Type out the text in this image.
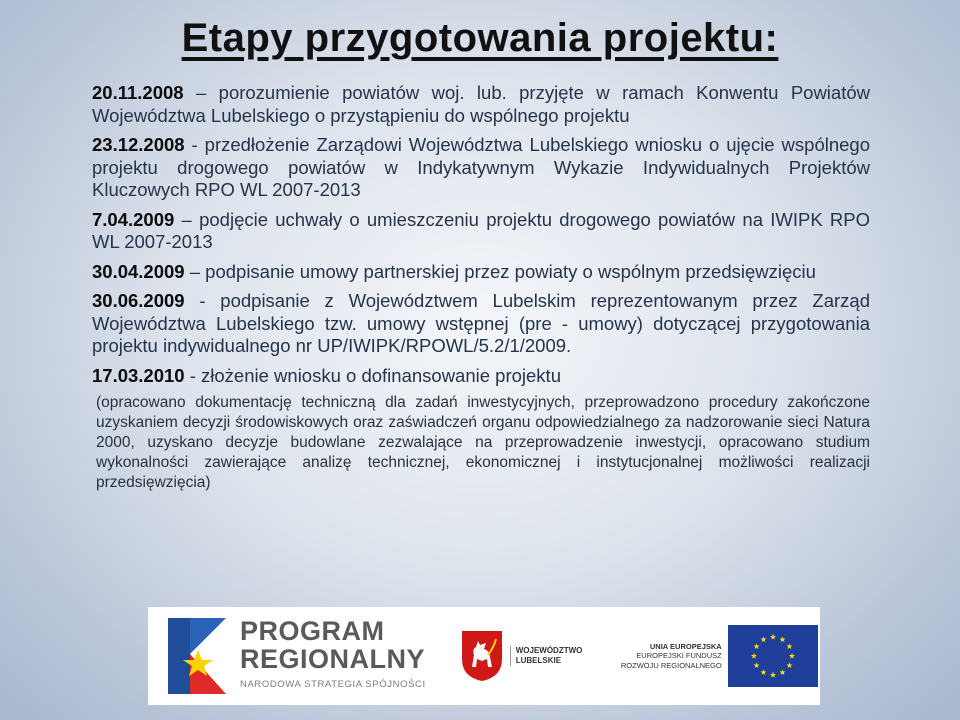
Etapy przygotowania projektu:

20.11.2008 – porozumienie powiatów woj. lub. przyjęte w ramach Konwentu Powiatów Województwa Lubelskiego o przystąpieniu do wspólnego projektu

23.12.2008 - przedłożenie Zarządowi Województwa Lubelskiego wniosku o ujęcie wspólnego projektu drogowego powiatów w Indykatywnym Wykazie Indywidualnych Projektów Kluczowych RPO WL 2007-2013

7.04.2009 – podjęcie uchwały o umieszczeniu projektu drogowego powiatów na IWIPK RPO WL 2007-2013

30.04.2009 – podpisanie umowy partnerskiej przez powiaty o wspólnym przedsięwzięciu

30.06.2009 - podpisanie z Województwem Lubelskim reprezentowanym przez Zarząd Województwa Lubelskiego tzw. umowy wstępnej (pre - umowy) dotyczącej przygotowania projektu indywidualnego nr UP/IWIPK/RPOWL/5.2/1/2009.

17.03.2010 - złożenie wniosku o dofinansowanie projektu

(opracowano dokumentację techniczną dla zadań inwestycyjnych, przeprowadzono procedury zakończone uzyskaniem decyzji środowiskowych oraz zaświadczeń organu odpowiedzialnego za nadzorowanie sieci Natura 2000, uzyskano decyzje budowlane zezwalające na przeprowadzenie inwestycji, opracowano studium wykonalności zawierające analizę technicznej, ekonomicznej i instytucjonalnej możliwości realizacji przedsięwzięcia)

PROGRAM
REGIONALNY
NARODOWA STRATEGIA SPÓJNOŚCI
WOJEWÓDZTWO
LUBELSKIE
UNIA EUROPEJSKA
EUROPEJSKI FUNDUSZ
ROZWOJU REGIONALNEGO
